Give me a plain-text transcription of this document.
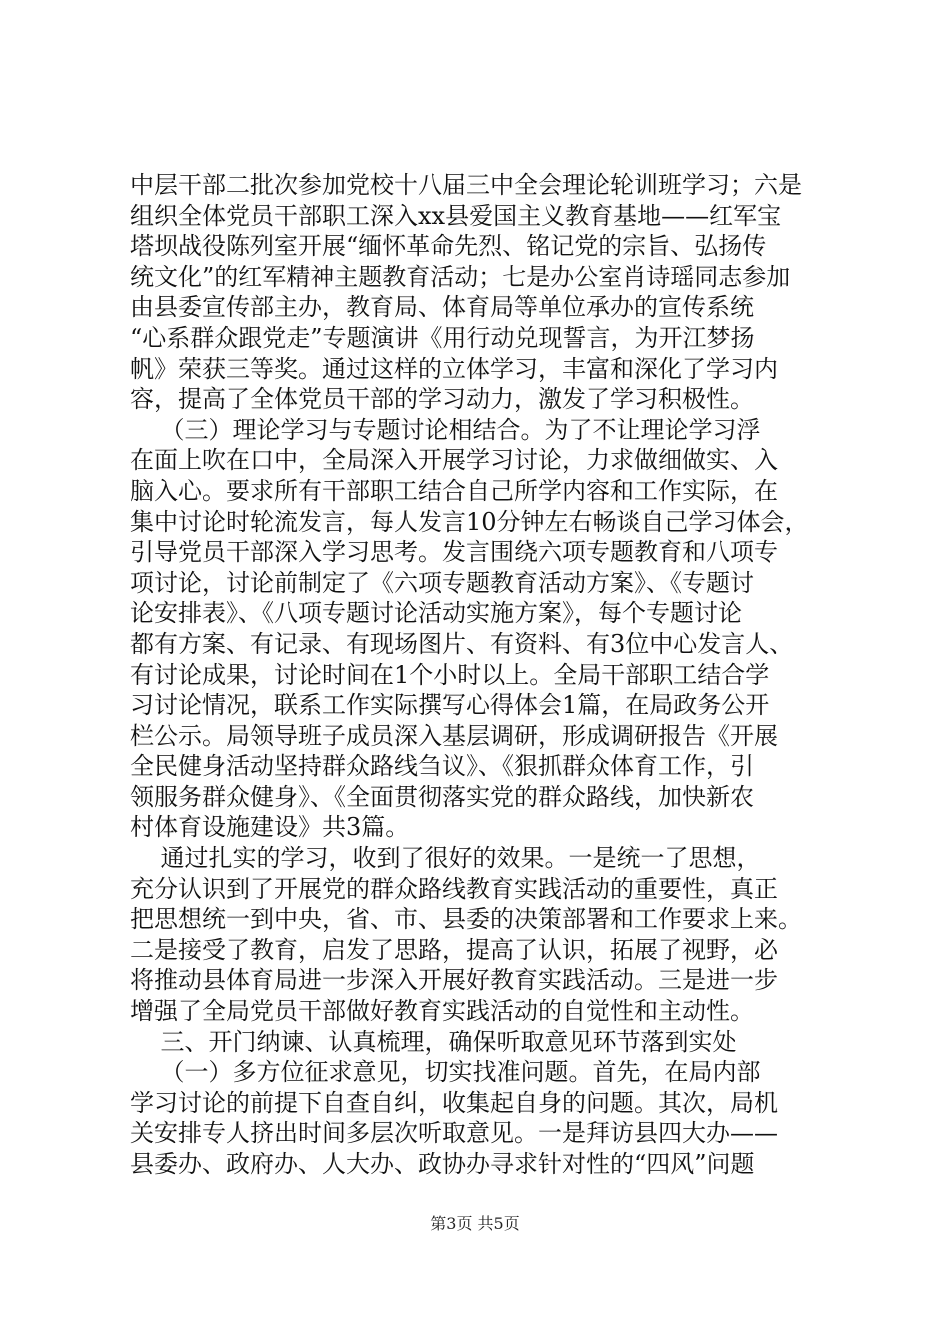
中层干部二批次参加党校十八届三中全会理论轮训班学习；六是
组织全体党员干部职工深入xx县爱国主义教育基地——红军宝
塔坝战役陈列室开展“缅怀革命先烈、铭记党的宗旨、弘扬传
统文化”的红军精神主题教育活动；七是办公室肖诗瑶同志参加
由县委宣传部主办，教育局、体育局等单位承办的宣传系统
“心系群众跟党走”专题演讲《用行动兑现誓言，为开江梦扬
帆》荣获三等奖。通过这样的立体学习，丰富和深化了学习内
容，提高了全体党员干部的学习动力，激发了学习积极性。
（三）理论学习与专题讨论相结合。为了不让理论学习浮
在面上吹在口中，全局深入开展学习讨论，力求做细做实、入
脑入心。要求所有干部职工结合自己所学内容和工作实际，在
集中讨论时轮流发言，每人发言10分钟左右畅谈自己学习体会，
引导党员干部深入学习思考。发言围绕六项专题教育和八项专
项讨论，讨论前制定了《六项专题教育活动方案》、《专题讨
论安排表》、《八项专题讨论活动实施方案》，每个专题讨论
都有方案、有记录、有现场图片、有资料、有3位中心发言人、
有讨论成果，讨论时间在1个小时以上。全局干部职工结合学
习讨论情况，联系工作实际撰写心得体会1篇，在局政务公开
栏公示。局领导班子成员深入基层调研，形成调研报告《开展
全民健身活动坚持群众路线刍议》、《狠抓群众体育工作，引
领服务群众健身》、《全面贯彻落实党的群众路线，加快新农
村体育设施建设》共3篇。
通过扎实的学习，收到了很好的效果。一是统一了思想，
充分认识到了开展党的群众路线教育实践活动的重要性，真正
把思想统一到中央，省、市、县委的决策部署和工作要求上来。
二是接受了教育，启发了思路，提高了认识，拓展了视野，必
将推动县体育局进一步深入开展好教育实践活动。三是进一步
增强了全局党员干部做好教育实践活动的自觉性和主动性。
三、开门纳谏、认真梳理，确保听取意见环节落到实处
（一）多方位征求意见，切实找准问题。首先，在局内部
学习讨论的前提下自查自纠，收集起自身的问题。其次，局机
关安排专人挤出时间多层次听取意见。一是拜访县四大办——
县委办、政府办、人大办、政协办寻求针对性的“四风”问题
第3页 共5页
